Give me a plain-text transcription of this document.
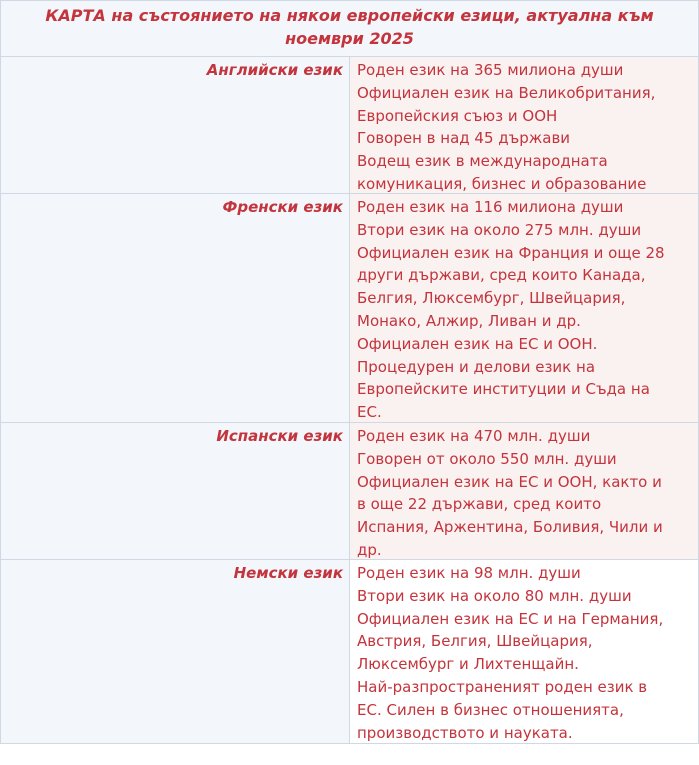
КАРТА на състоянието на някои европейски езици, актуална към ноември 2025
Английски език Роден език на 365 милиона души
Официален език на Великобритания,
Европейския съюз и ООН
Говорен в над 45 държави
Водещ език в международната
комуникация, бизнес и образование
Френски език Роден език на 116 милиона души
Втори език на около 275 млн. души
Официален език на Франция и още 28
други държави, сред които Канада,
Белгия, Люксембург, Швейцария,
Монако, Алжир, Ливан и др.
Официален език на ЕС и ООН.
Процедурен и делови език на
Европейските институции и Съда на
ЕС.
Испански език Роден език на 470 млн. души
Говорен от около 550 млн. души
Официален език на ЕС и ООН, както и
в още 22 държави, сред които
Испания, Аржентина, Боливия, Чили и
др.
Немски език Роден език на 98 млн. души
Втори език на около 80 млн. души
Официален език на ЕС и на Германия,
Австрия, Белгия, Швейцария,
Люксембург и Лихтенщайн.
Най-разпространеният роден език в
ЕС. Силен в бизнес отношенията,
производството и науката.
